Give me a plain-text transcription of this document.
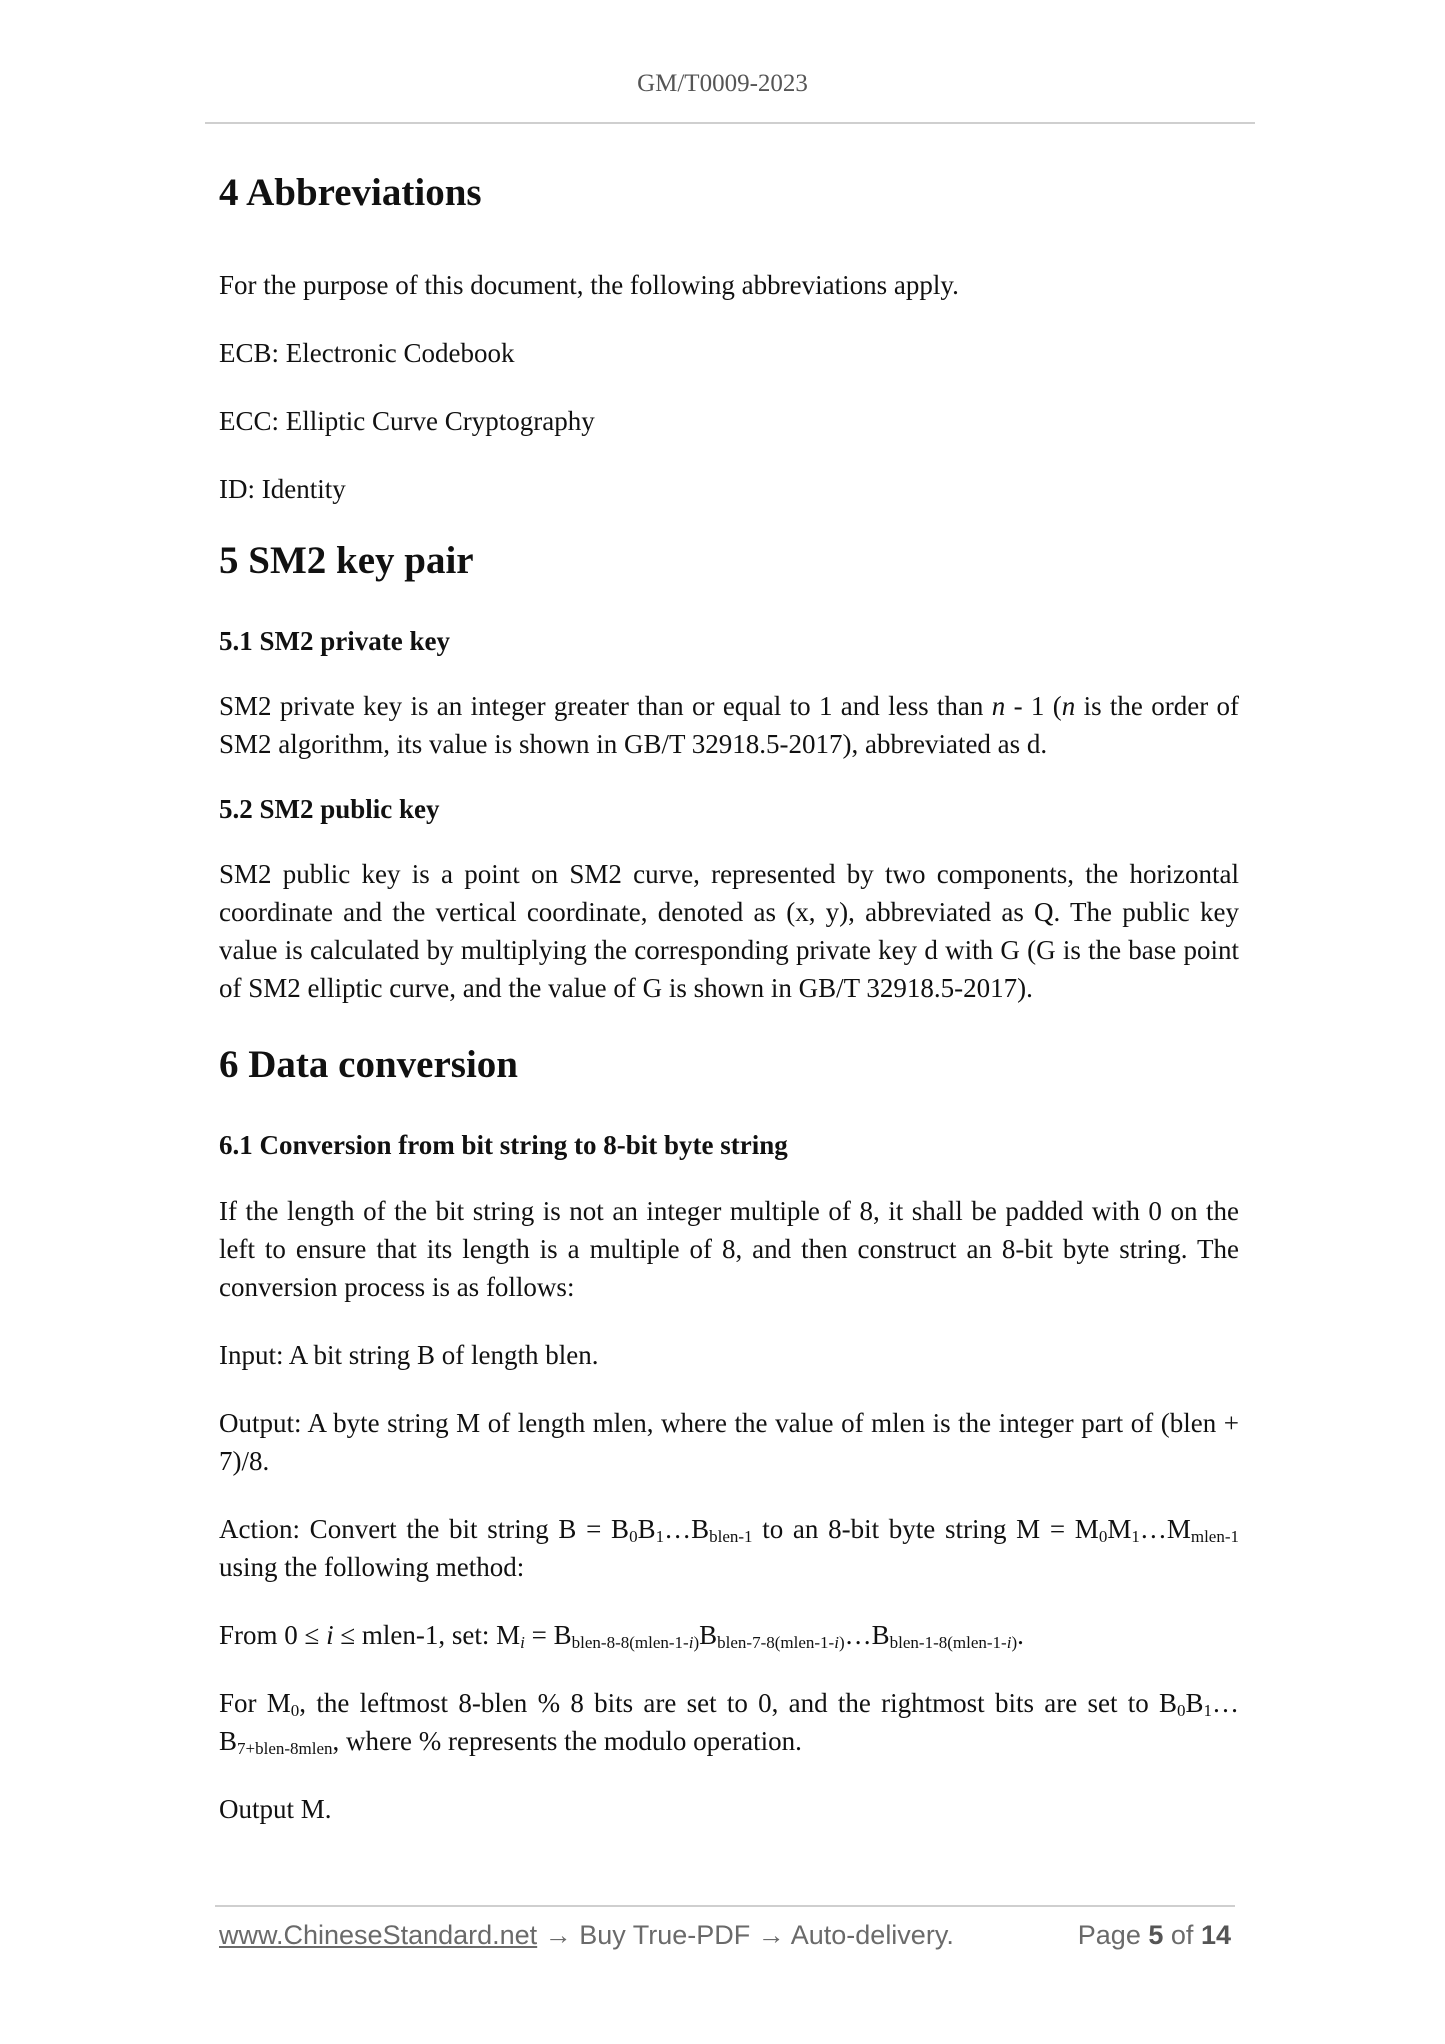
GM/T0009-2023
4 Abbreviations

For the purpose of this document, the following abbreviations apply.

ECB: Electronic Codebook

ECC: Elliptic Curve Cryptography

ID: Identity

5 SM2 key pair
5.1 SM2 private key

SM2 private key is an integer greater than or equal to 1 and less than n - 1 (n is the order of SM2 algorithm, its value is shown in GB/T 32918.5-2017), abbreviated as d.

5.2 SM2 public key

SM2 public key is a point on SM2 curve, represented by two components, the horizontal coordinate and the vertical coordinate, denoted as (x, y), abbreviated as Q. The public key value is calculated by multiplying the corresponding private key d with G (G is the base point of SM2 elliptic curve, and the value of G is shown in GB/T 32918.5-2017).

6 Data conversion
6.1 Conversion from bit string to 8-bit byte string

If the length of the bit string is not an integer multiple of 8, it shall be padded with 0 on the left to ensure that its length is a multiple of 8, and then construct an 8-bit byte string. The conversion process is as follows:

Input: A bit string B of length blen.

Output: A byte string M of length mlen, where the value of mlen is the integer part of (blen + 7)/8.

Action: Convert the bit string $B = B_0B_1\dots B_{blen-1}$ to an 8-bit byte string $M = M_0M_1\dots M_{mlen-1}$ using the following method:

From 0 ≤ i ≤ mlen-1, set: $M_i$ = $B_{blen-8-8(mlen-1-i)}B_{blen-7-8(mlen-1-i)}\dots B_{blen-1-8(mlen-1-i)}$.

For $M_0$, the leftmost 8-blen % 8 bits are set to 0, and the rightmost bits are set to $B_0B_1\dots B_{7+blen-8mlen}$, where % represents the modulo operation.

Output M.

www.ChineseStandard.net → Buy True-PDF → Auto-delivery.	Page 5 of 14
